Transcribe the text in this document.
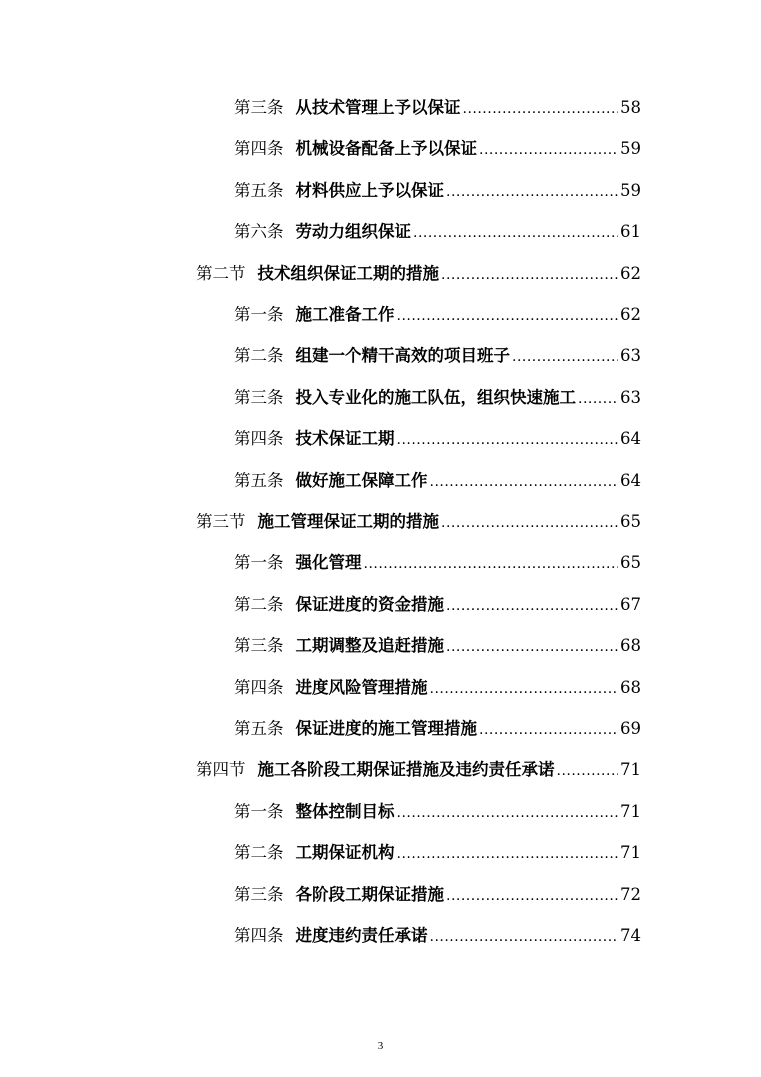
第三条 从技术管理上予以保证 .....	58
第四条 机械设备配备上予以保证 .....	59
第五条 材料供应上予以保证 .....	59
第六条 劳动力组织保证 .....	61
第二节 技术组织保证工期的措施 .....	62
第一条 施工准备工作 .....	62
第二条 组建一个精干高效的项目班子 .....	63
第三条 投入专业化的施工队伍，组织快速施工 .....	63
第四条 技术保证工期 .....	64
第五条 做好施工保障工作 .....	64
第三节 施工管理保证工期的措施 .....	65
第一条 强化管理 .....	65
第二条 保证进度的资金措施 .....	67
第三条 工期调整及追赶措施 .....	68
第四条 进度风险管理措施 .....	68
第五条 保证进度的施工管理措施 .....	69
第四节 施工各阶段工期保证措施及违约责任承诺 .....	71
第一条 整体控制目标 .....	71
第二条 工期保证机构 .....	71
第三条 各阶段工期保证措施 .....	72
第四条 进度违约责任承诺 .....	74
3
